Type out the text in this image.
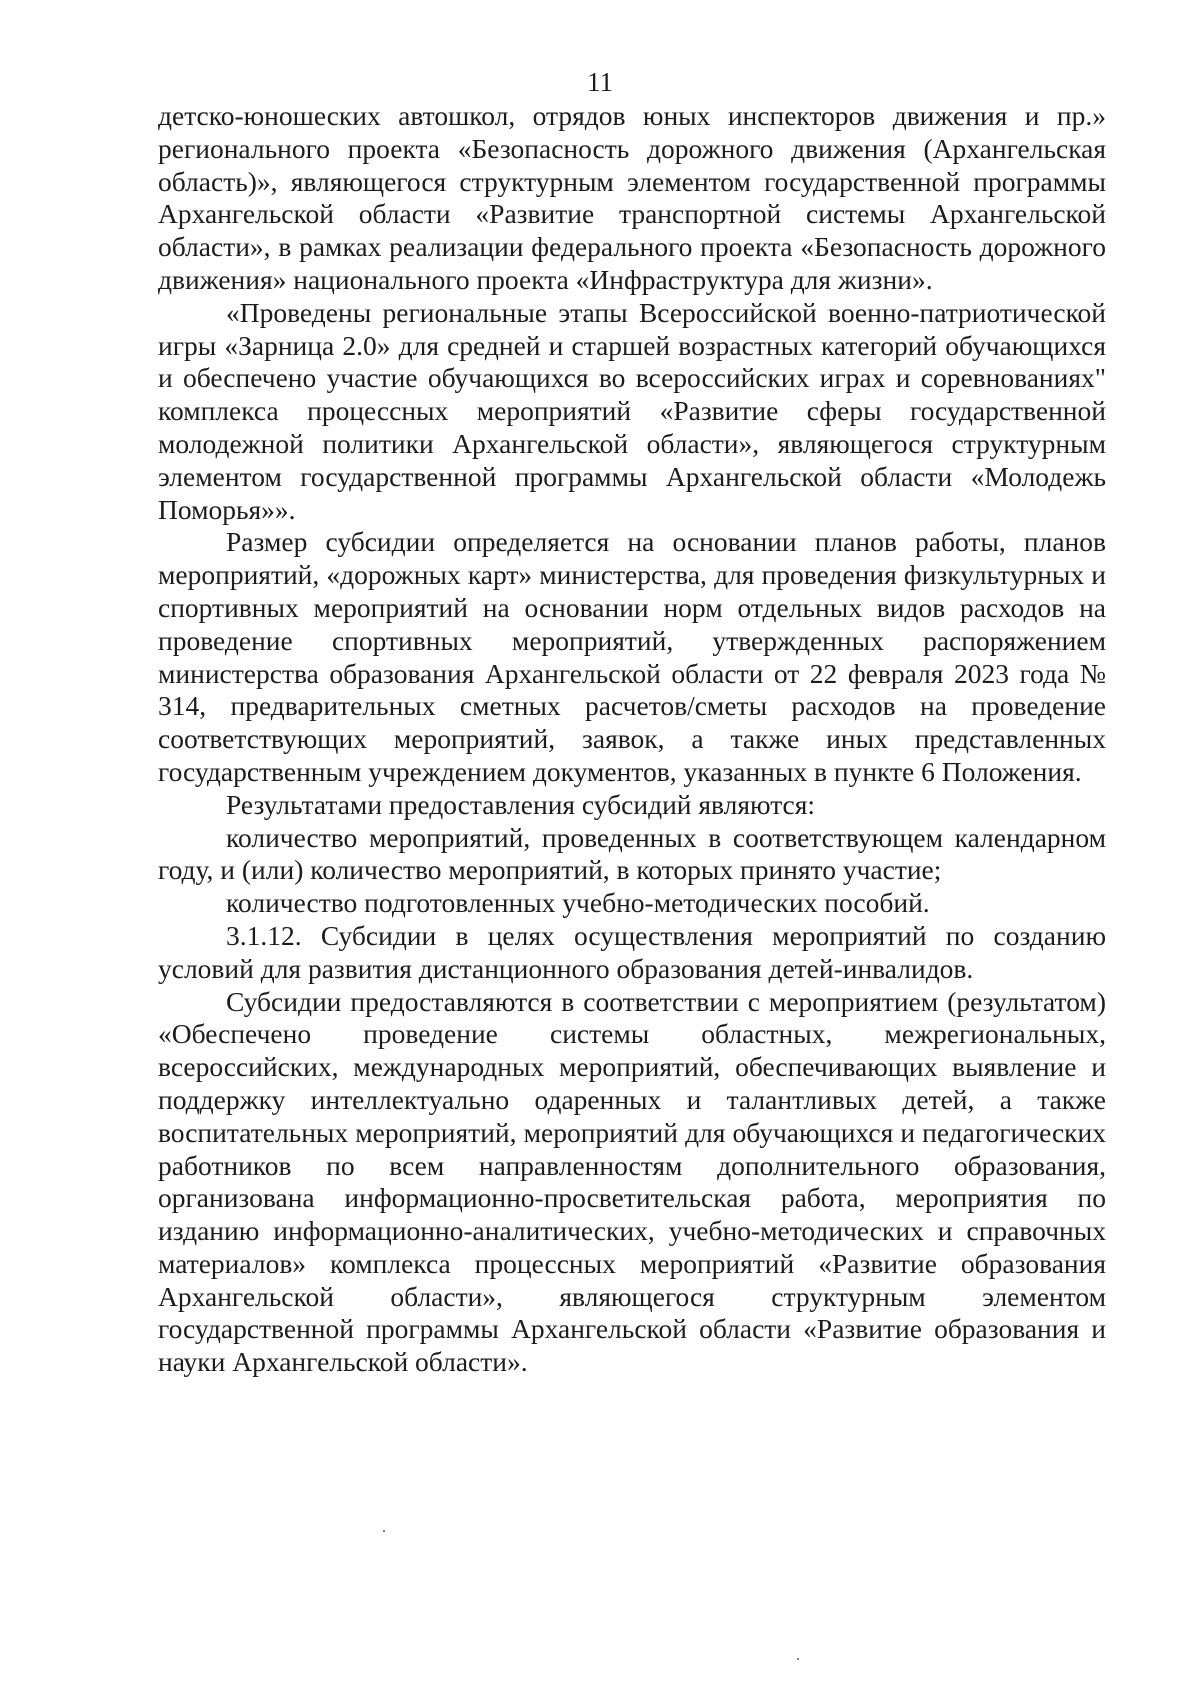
11

детско-юношеских автошкол, отрядов юных инспекторов движения и пр.» регионального проекта «Безопасность дорожного движения (Архангельская область)», являющегося структурным элементом государственной программы Архангельской области «Развитие транспортной системы Архангельской области», в рамках реализации федерального проекта «Безопасность дорожного движения» национального проекта «Инфраструктура для жизни».

«Проведены региональные этапы Всероссийской военно-патриотической игры «Зарница 2.0» для средней и старшей возрастных категорий обучающихся и обеспечено участие обучающихся во всероссийских играх и соревнованиях" комплекса процессных мероприятий «Развитие сферы государственной молодежной политики Архангельской области», являющегося структурным элементом государственной программы Архангельской области «Молодежь Поморья»».

Размер субсидии определяется на основании планов работы, планов мероприятий, «дорожных карт» министерства, для проведения физкультурных и спортивных мероприятий на основании норм отдельных видов расходов на проведение спортивных мероприятий, утвержденных распоряжением министерства образования Архангельской области от 22 февраля 2023 года № 314, предварительных сметных расчетов/сметы расходов на проведение соответствующих мероприятий, заявок, а также иных представленных государственным учреждением документов, указанных в пункте 6 Положения.

Результатами предоставления субсидий являются:

количество мероприятий, проведенных в соответствующем календарном году, и (или) количество мероприятий, в которых принято участие;

количество подготовленных учебно-методических пособий.

3.1.12. Субсидии в целях осуществления мероприятий по созданию условий для развития дистанционного образования детей-инвалидов.

Субсидии предоставляются в соответствии с мероприятием (результатом) «Обеспечено проведение системы областных, межрегиональных, всероссийских, международных мероприятий, обеспечивающих выявление и поддержку интеллектуально одаренных и талантливых детей, а также воспитательных мероприятий, мероприятий для обучающихся и педагогических работников по всем направленностям дополнительного образования, организована информационно-просветительская работа, мероприятия по изданию информационно-аналитических, учебно-методических и справочных материалов» комплекса процессных мероприятий «Развитие образования Архангельской области», являющегося структурным элементом государственной программы Архангельской области «Развитие образования и науки Архангельской области».
